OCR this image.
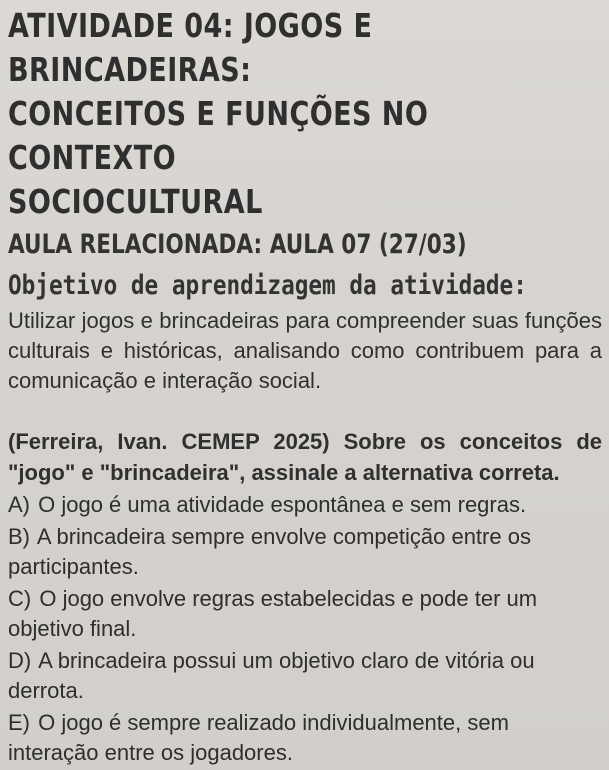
ATIVIDADE 04: JOGOS E BRINCADEIRAS:
CONCEITOS E FUNÇÕES NO CONTEXTO
SOCIOCULTURAL
AULA RELACIONADA: AULA 07 (27/03)
Objetivo de aprendizagem da atividade:

Utilizar jogos e brincadeiras para compreender suas funções culturais e históricas, analisando como contribuem para a comunicação e interação social.

(Ferreira, Ivan. CEMEP 2025) Sobre os conceitos de "jogo" e "brincadeira", assinale a alternativa correta.

A) O jogo é uma atividade espontânea e sem regras.

B) A brincadeira sempre envolve competição entre os participantes.

C) O jogo envolve regras estabelecidas e pode ter um objetivo final.

D) A brincadeira possui um objetivo claro de vitória ou derrota.

E) O jogo é sempre realizado individualmente, sem interação entre os jogadores.
